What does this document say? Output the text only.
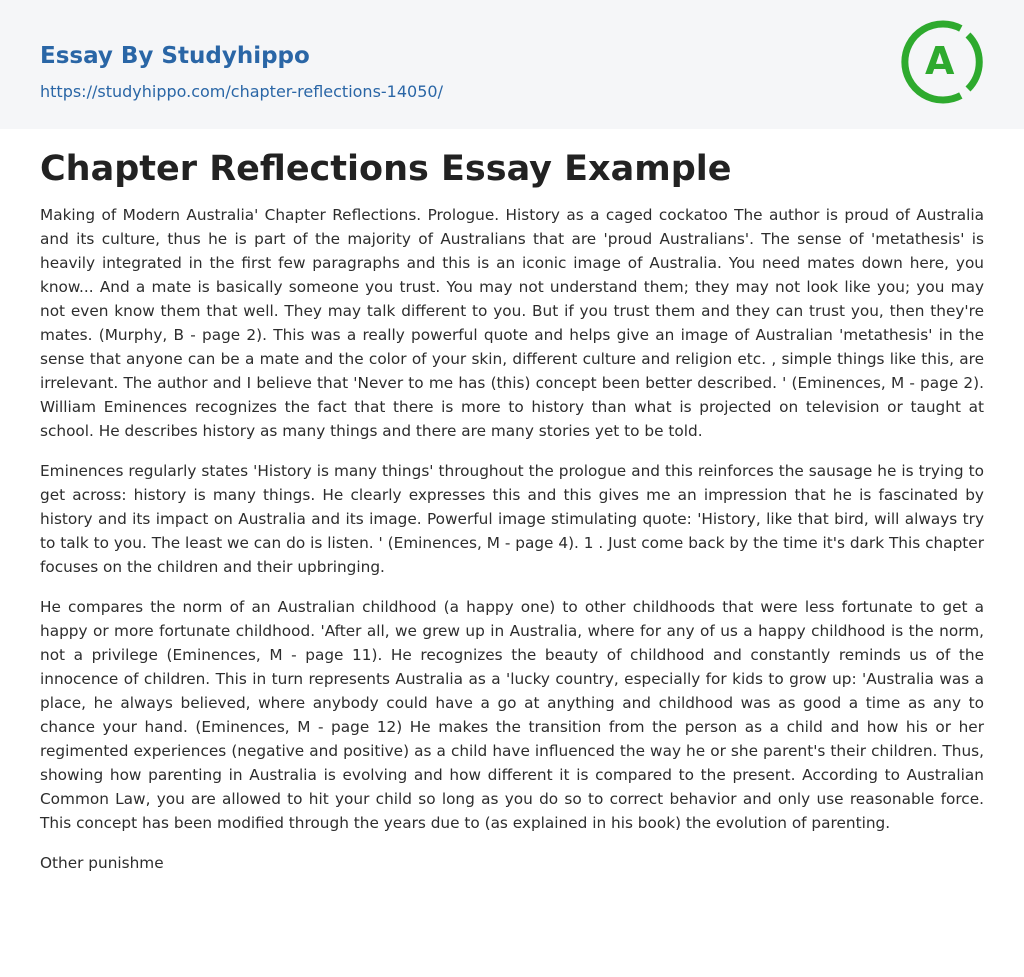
Essay By Studyhippo
https://studyhippo.com/chapter-reflections-14050/
A
Chapter Reflections Essay Example

Making of Modern Australia' Chapter Reflections. Prologue. History as a caged cockatoo The author is proud of Australia and its culture, thus he is part of the majority of Australians that are 'proud Australians'. The sense of 'metathesis' is heavily integrated in the first few paragraphs and this is an iconic image of Australia. You need mates down here, you know... And a mate is basically someone you trust. You may not understand them; they may not look like you; you may not even know them that well. They may talk different to you. But if you trust them and they can trust you, then they're mates. (Murphy, B - page 2). This was a really powerful quote and helps give an image of Australian 'metathesis' in the sense that anyone can be a mate and the color of your skin, different culture and religion etc. , simple things like this, are irrelevant. The author and I believe that 'Never to me has (this) concept been better described. ' (Eminences, M - page 2). William Eminences recognizes the fact that there is more to history than what is projected on television or taught at school. He describes history as many things and there are many stories yet to be told.

Eminences regularly states 'History is many things' throughout the prologue and this reinforces the sausage he is trying to get across: history is many things. He clearly expresses this and this gives me an impression that he is fascinated by history and its impact on Australia and its image. Powerful image stimulating quote: 'History, like that bird, will always try to talk to you. The least we can do is listen. ' (Eminences, M - page 4). 1 . Just come back by the time it's dark This chapter focuses on the children and their upbringing.

He compares the norm of an Australian childhood (a happy one) to other childhoods that were less fortunate to get a happy or more fortunate childhood. 'After all, we grew up in Australia, where for any of us a happy childhood is the norm, not a privilege (Eminences, M - page 11). He recognizes the beauty of childhood and constantly reminds us of the innocence of children. This in turn represents Australia as a 'lucky country, especially for kids to grow up: 'Australia was a place, he always believed, where anybody could have a go at anything and childhood was as good a time as any to chance your hand. (Eminences, M - page 12) He makes the transition from the person as a child and how his or her regimented experiences (negative and positive) as a child have influenced the way he or she parent's their children. Thus, showing how parenting in Australia is evolving and how different it is compared to the present. According to Australian Common Law, you are allowed to hit your child so long as you do so to correct behavior and only use reasonable force. This concept has been modified through the years due to (as explained in his book) the evolution of parenting.

Other punishme
